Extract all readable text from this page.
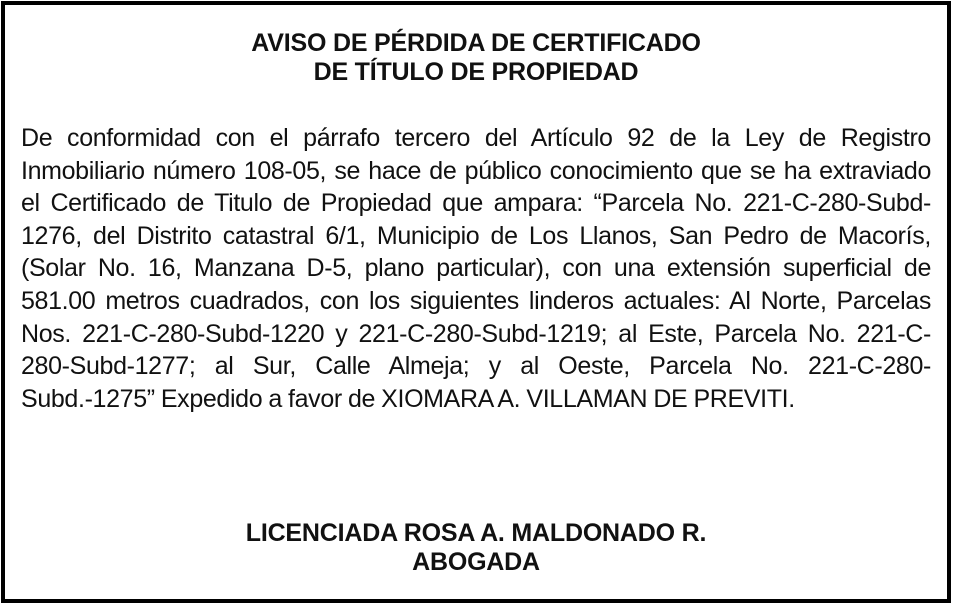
AVISO DE PÉRDIDA DE CERTIFICADO
DE TÍTULO DE PROPIEDAD
De conformidad con el párrafo tercero del Artículo 92 de la Ley de Registro Inmobiliario número 108-05, se hace de público conocimiento que se ha extraviado el Certificado de Titulo de Propiedad que ampara: “Parcela No. 221-C-280-Subd-1276, del Distrito catastral 6/1, Municipio de Los Llanos, San Pedro de Macorís, (Solar No. 16, Manzana D-5, plano particular), con una extensión superficial de 581.00 metros cuadrados, con los siguientes linderos actuales: Al Norte, Parcelas Nos. 221-C-280-Subd-1220 y 221-C-280-Subd-1219; al Este, Parcela No. 221-C-280-Subd-1277; al Sur, Calle Almeja; y al Oeste, Parcela No. 221-C-280-Subd.-1275” Expedido a favor de XIOMARA A. VILLAMAN DE PREVITI.
LICENCIADA ROSA A. MALDONADO R.
ABOGADA
